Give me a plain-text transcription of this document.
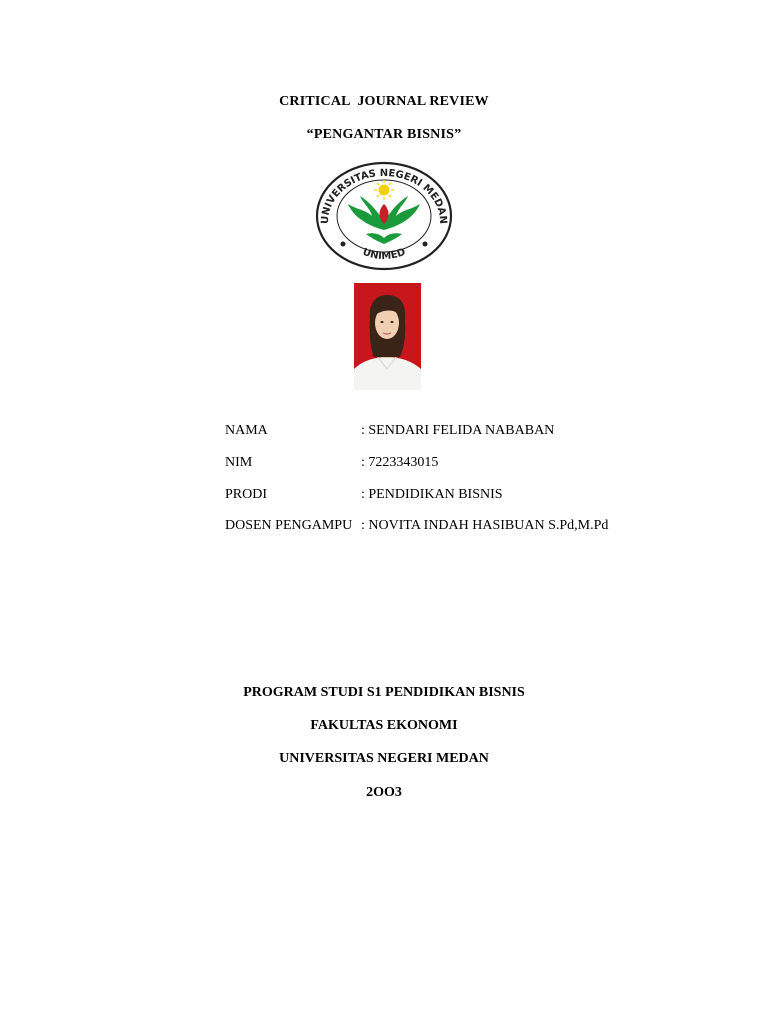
CRITICAL  JOURNAL REVIEW
“PENGANTAR BISNIS”
UNIVERSITAS NEGERI MEDAN
UNIMED
NAMA	: SENDARI FELIDA NABABAN
NIM	: 7223343015
PRODI	: PENDIDIKAN BISNIS
DOSEN PENGAMPU : NOVITA INDAH HASIBUAN S.Pd,M.Pd
PROGRAM STUDI S1 PENDIDIKAN BISNIS
FAKULTAS EKONOMI
UNIVERSITAS NEGERI MEDAN
2OO3
